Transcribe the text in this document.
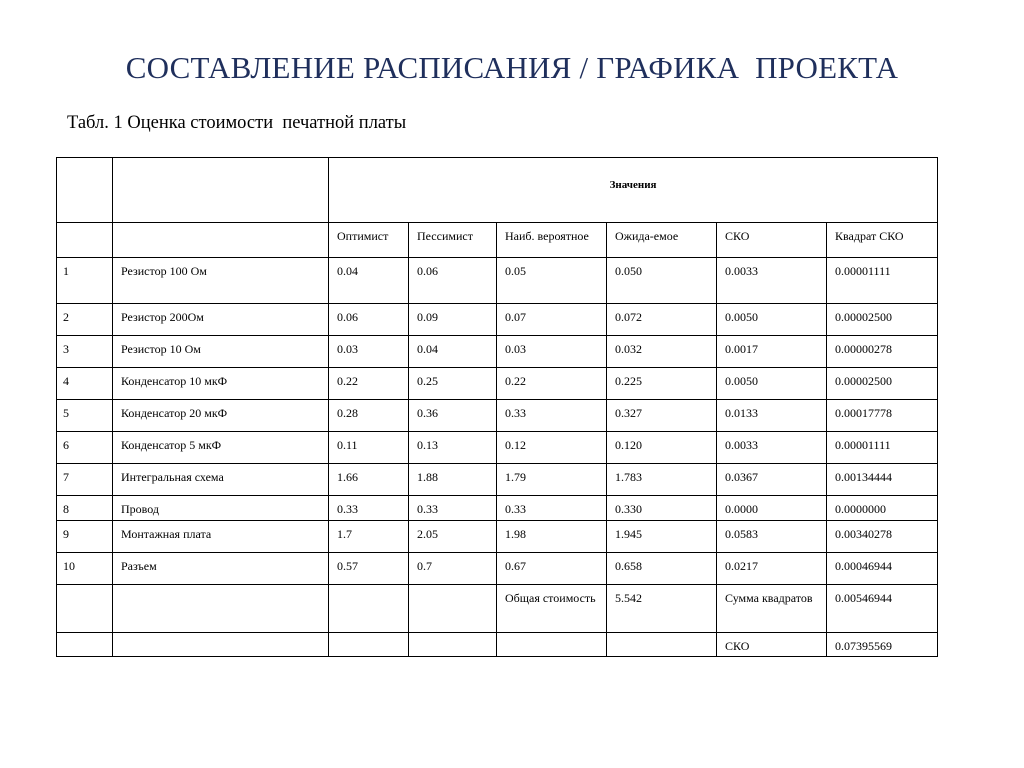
СОСТАВЛЕНИЕ РАСПИСАНИЯ / ГРАФИКА  ПРОЕКТА
Табл. 1 Оценка стоимости  печатной платы
		Значения					
		Оптимист	Пессимист	Наиб. вероятное	Ожида-емое	СКО	Квадрат СКО
1	Резистор 100 Ом	0.04	0.06	0.05	0.050	0.0033	0.00001111
2	Резистор 200Ом	0.06	0.09	0.07	0.072	0.0050	0.00002500
3	Резистор 10 Ом	0.03	0.04	0.03	0.032	0.0017	0.00000278
4	Конденсатор 10 мкФ	0.22	0.25	0.22	0.225	0.0050	0.00002500
5	Конденсатор 20 мкФ	0.28	0.36	0.33	0.327	0.0133	0.00017778
6	Конденсатор 5 мкФ	0.11	0.13	0.12	0.120	0.0033	0.00001111
7	Интегральная схема	1.66	1.88	1.79	1.783	0.0367	0.00134444
8	Провод	0.33	0.33	0.33	0.330	0.0000	0.0000000
9	Монтажная плата	1.7	2.05	1.98	1.945	0.0583	0.00340278
10	Разъем	0.57	0.7	0.67	0.658	0.0217	0.00046944
				Общая стоимость	5.542	Сумма квадратов	0.00546944
						СКО	0.07395569
